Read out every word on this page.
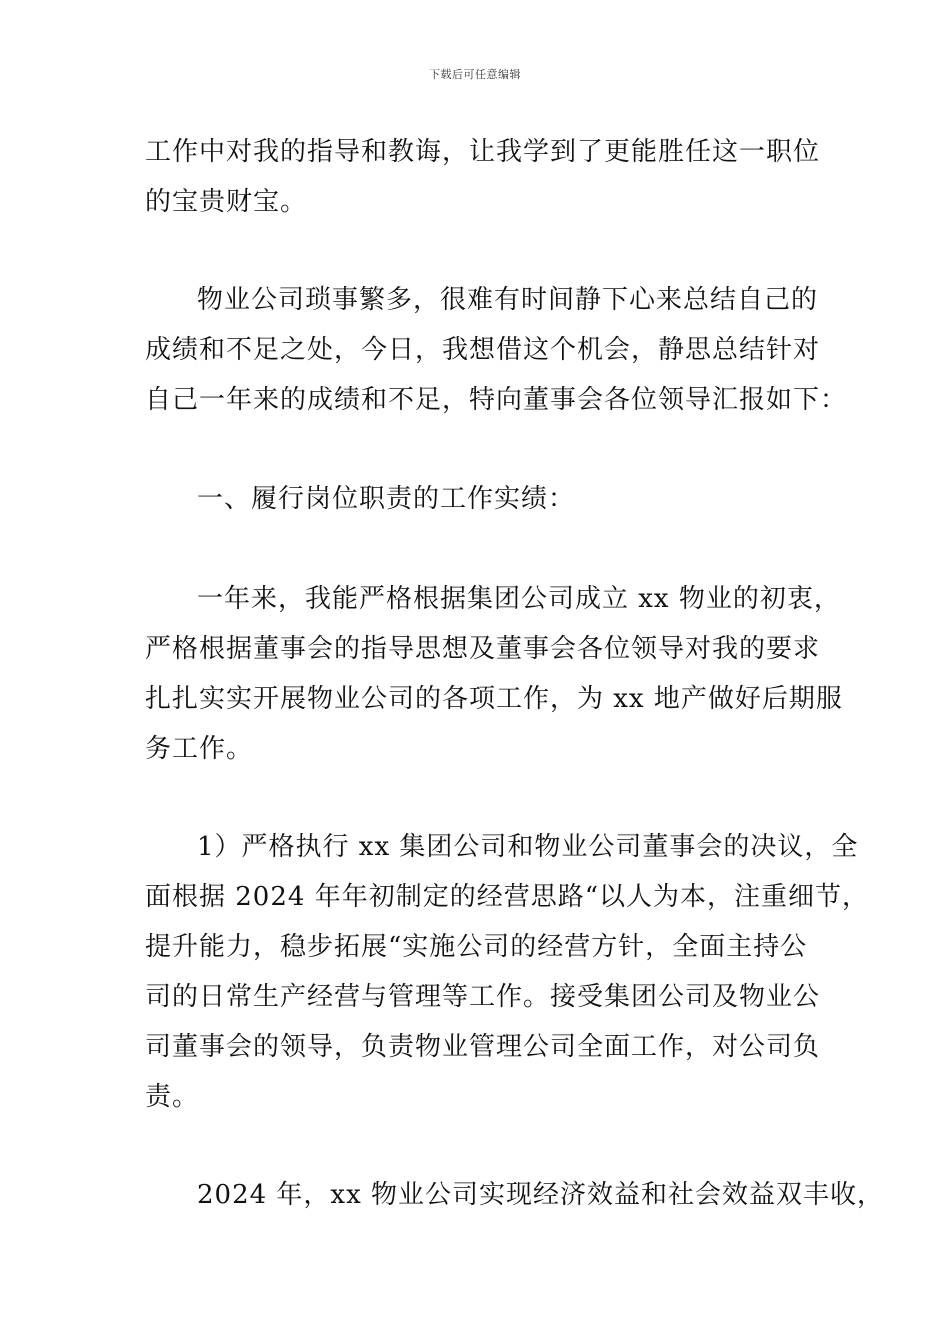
下载后可任意编辑
工作中对我的指导和教诲，让我学到了更能胜任这一职位
的宝贵财宝。
物业公司琐事繁多，很难有时间静下心来总结自己的
成绩和不足之处，今日，我想借这个机会，静思总结针对
自己一年来的成绩和不足，特向董事会各位领导汇报如下：
一、履行岗位职责的工作实绩：
一年来，我能严格根据集团公司成立 xx 物业的初衷，
严格根据董事会的指导思想及董事会各位领导对我的要求
扎扎实实开展物业公司的各项工作，为 xx 地产做好后期服
务工作。
1）严格执行 xx 集团公司和物业公司董事会的决议，全
面根据 2024 年年初制定的经营思路“以人为本，注重细节，
提升能力，稳步拓展“实施公司的经营方针，全面主持公
司的日常生产经营与管理等工作。接受集团公司及物业公
司董事会的领导，负责物业管理公司全面工作，对公司负
责。
2024 年，xx 物业公司实现经济效益和社会效益双丰收，
